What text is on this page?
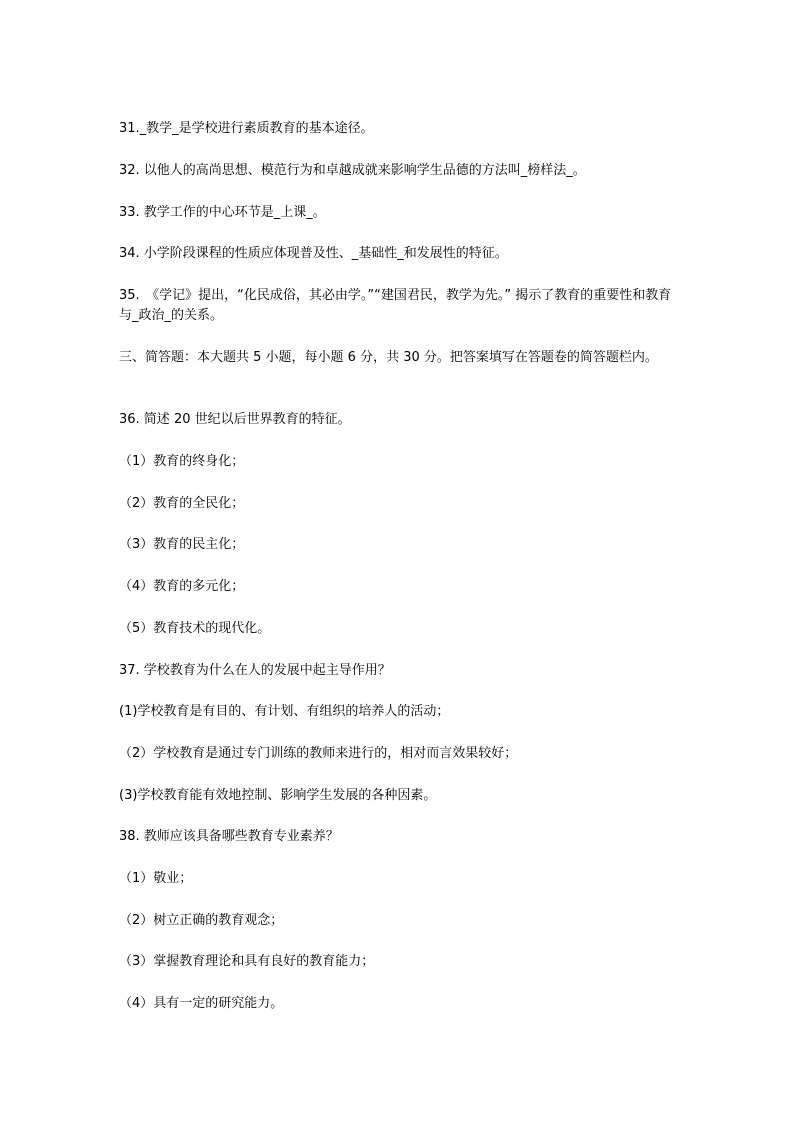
31._教学_是学校进行素质教育的基本途径。
32. 以他人的高尚思想、模范行为和卓越成就来影响学生品德的方法叫_榜样法_。
33. 教学工作的中心环节是_上课_。
34. 小学阶段课程的性质应体现普及性、_基础性_和发展性的特征。
35.　《学记》提出，“化民成俗，其必由学。”“建国君民，教学为先。” 揭示了教育的重要性和教育与_政治_的关系。
三、简答题：本大题共 5 小题，每小题 6 分，共 30 分。把答案填写在答题卷的简答题栏内。
36. 简述 20 世纪以后世界教育的特征。
（1）教育的终身化；
（2）教育的全民化；
（3）教育的民主化；
（4）教育的多元化；
（5）教育技术的现代化。
37. 学校教育为什么在人的发展中起主导作用？
(1)学校教育是有目的、有计划、有组织的培养人的活动；
（2）学校教育是通过专门训练的教师来进行的，相对而言效果较好；
(3)学校教育能有效地控制、影响学生发展的各种因素。
38. 教师应该具备哪些教育专业素养？
（1）敬业；
（2）树立正确的教育观念；
（3）掌握教育理论和具有良好的教育能力；
（4）具有一定的研究能力。
